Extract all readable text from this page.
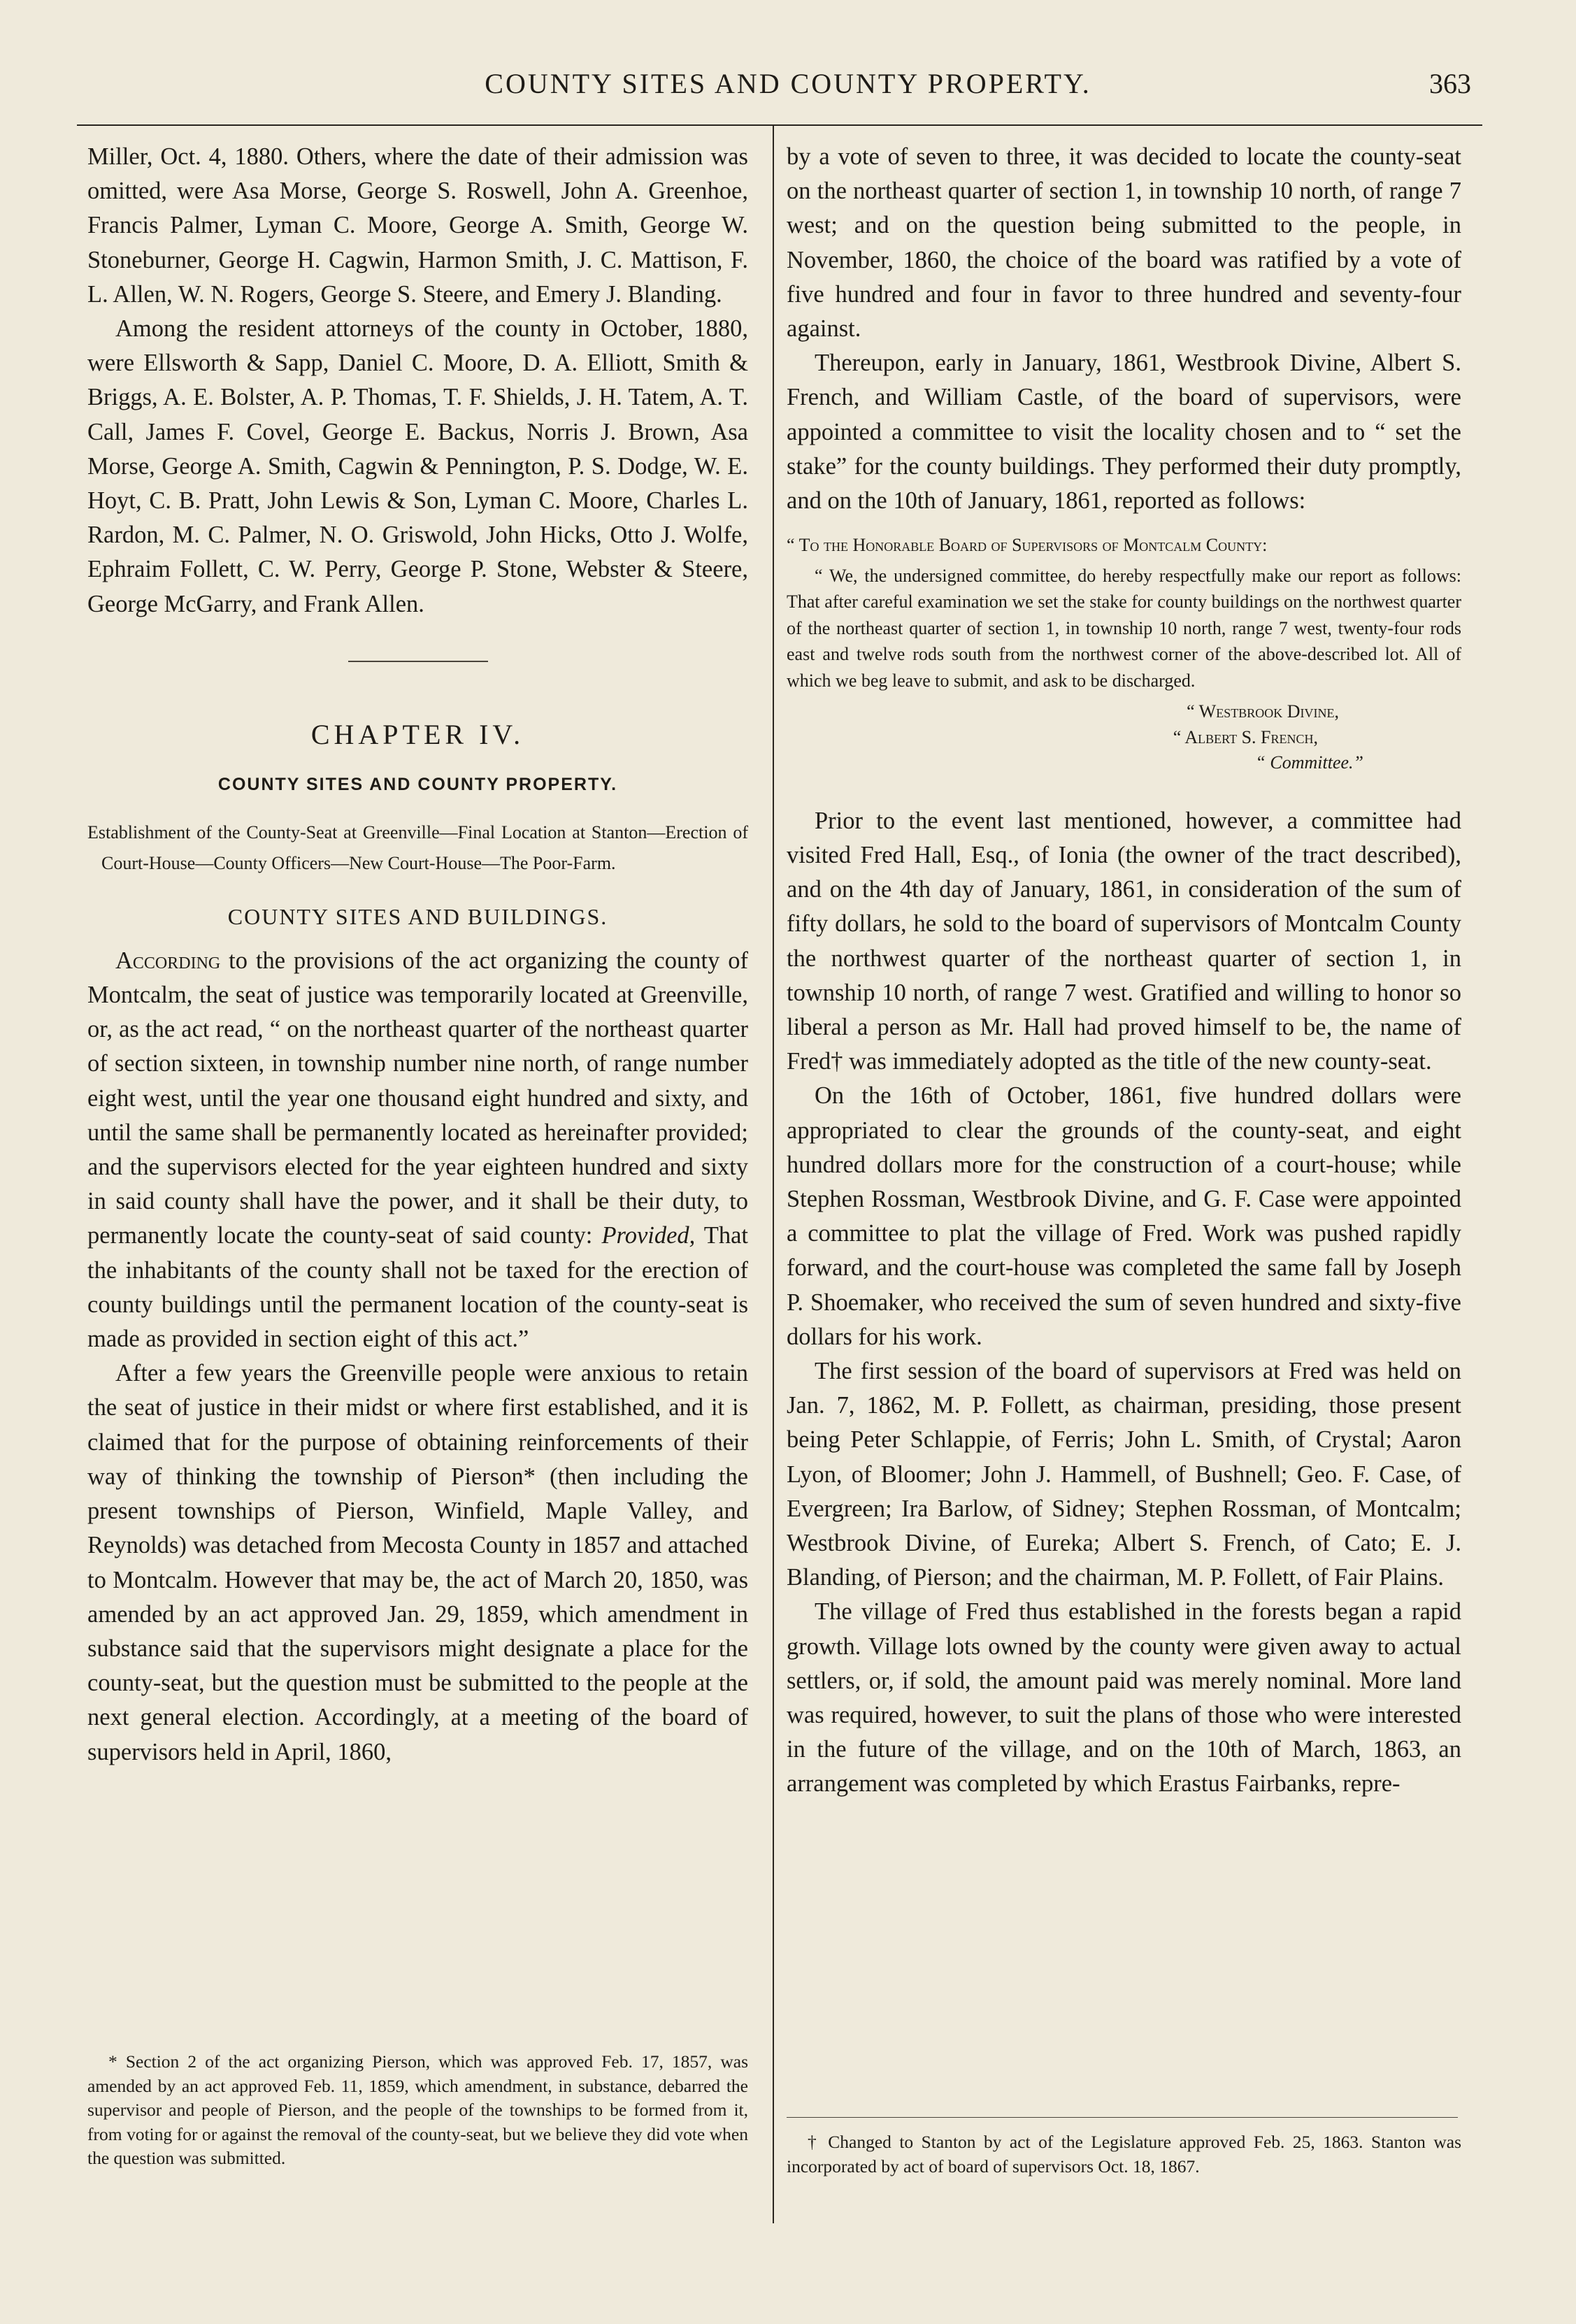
COUNTY SITES AND COUNTY PROPERTY.	363

Miller, Oct. 4, 1880. Others, where the date of their admission was omitted, were Asa Morse, George S. Roswell, John A. Greenhoe, Francis Palmer, Lyman C. Moore, George A. Smith, George W. Stoneburner, George H. Cagwin, Harmon Smith, J. C. Mattison, F. L. Allen, W. N. Rogers, George S. Steere, and Emery J. Blanding.

Among the resident attorneys of the county in October, 1880, were Ellsworth & Sapp, Daniel C. Moore, D. A. Elliott, Smith & Briggs, A. E. Bolster, A. P. Thomas, T. F. Shields, J. H. Tatem, A. T. Call, James F. Covel, George E. Backus, Norris J. Brown, Asa Morse, George A. Smith, Cagwin & Pennington, P. S. Dodge, W. E. Hoyt, C. B. Pratt, John Lewis & Son, Lyman C. Moore, Charles L. Rardon, M. C. Palmer, N. O. Griswold, John Hicks, Otto J. Wolfe, Ephraim Follett, C. W. Perry, George P. Stone, Webster & Steere, George McGarry, and Frank Allen.

CHAPTER IV.
COUNTY SITES AND COUNTY PROPERTY.

Establishment of the County-Seat at Greenville—Final Location at Stanton—Erection of Court-House—County Officers—New Court-House—The Poor-Farm.

COUNTY SITES AND BUILDINGS.

According to the provisions of the act organizing the county of Montcalm, the seat of justice was temporarily located at Greenville, or, as the act read, “ on the northeast quarter of the northeast quarter of section sixteen, in township number nine north, of range number eight west, until the year one thousand eight hundred and sixty, and until the same shall be permanently located as hereinafter provided; and the supervisors elected for the year eighteen hundred and sixty in said county shall have the power, and it shall be their duty, to permanently locate the county-seat of said county: Provided, That the inhabitants of the county shall not be taxed for the erection of county buildings until the permanent location of the county-seat is made as provided in section eight of this act.”

After a few years the Greenville people were anxious to retain the seat of justice in their midst or where first established, and it is claimed that for the purpose of obtaining reinforcements of their way of thinking the township of Pierson* (then including the present townships of Pierson, Winfield, Maple Valley, and Reynolds) was detached from Mecosta County in 1857 and attached to Montcalm. However that may be, the act of March 20, 1850, was amended by an act approved Jan. 29, 1859, which amendment in substance said that the supervisors might designate a place for the county-seat, but the question must be submitted to the people at the next general election. Accordingly, at a meeting of the board of supervisors held in April, 1860,

* Section 2 of the act organizing Pierson, which was approved Feb. 17, 1857, was amended by an act approved Feb. 11, 1859, which amendment, in substance, debarred the supervisor and people of Pierson, and the people of the townships to be formed from it, from voting for or against the removal of the county-seat, but we believe they did vote when the question was submitted.

by a vote of seven to three, it was decided to locate the county-seat on the northeast quarter of section 1, in township 10 north, of range 7 west; and on the question being submitted to the people, in November, 1860, the choice of the board was ratified by a vote of five hundred and four in favor to three hundred and seventy-four against.

Thereupon, early in January, 1861, Westbrook Divine, Albert S. French, and William Castle, of the board of supervisors, were appointed a committee to visit the locality chosen and to “ set the stake” for the county buildings. They performed their duty promptly, and on the 10th of January, 1861, reported as follows:

“ To the Honorable Board of Supervisors of Montcalm County:

“ We, the undersigned committee, do hereby respectfully make our report as follows: That after careful examination we set the stake for county buildings on the northwest quarter of the northeast quarter of section 1, in township 10 north, range 7 west, twenty-four rods east and twelve rods south from the northwest corner of the above-described lot. All of which we beg leave to submit, and ask to be discharged.

“ Westbrook Divine,
“ Albert S. French,
“ Committee.”

Prior to the event last mentioned, however, a committee had visited Fred Hall, Esq., of Ionia (the owner of the tract described), and on the 4th day of January, 1861, in consideration of the sum of fifty dollars, he sold to the board of supervisors of Montcalm County the northwest quarter of the northeast quarter of section 1, in township 10 north, of range 7 west. Gratified and willing to honor so liberal a person as Mr. Hall had proved himself to be, the name of Fred† was immediately adopted as the title of the new county-seat.

On the 16th of October, 1861, five hundred dollars were appropriated to clear the grounds of the county-seat, and eight hundred dollars more for the construction of a court-house; while Stephen Rossman, Westbrook Divine, and G. F. Case were appointed a committee to plat the village of Fred. Work was pushed rapidly forward, and the court-house was completed the same fall by Joseph P. Shoemaker, who received the sum of seven hundred and sixty-five dollars for his work.

The first session of the board of supervisors at Fred was held on Jan. 7, 1862, M. P. Follett, as chairman, presiding, those present being Peter Schlappie, of Ferris; John L. Smith, of Crystal; Aaron Lyon, of Bloomer; John J. Hammell, of Bushnell; Geo. F. Case, of Evergreen; Ira Barlow, of Sidney; Stephen Rossman, of Montcalm; Westbrook Divine, of Eureka; Albert S. French, of Cato; E. J. Blanding, of Pierson; and the chairman, M. P. Follett, of Fair Plains.

The village of Fred thus established in the forests began a rapid growth. Village lots owned by the county were given away to actual settlers, or, if sold, the amount paid was merely nominal. More land was required, however, to suit the plans of those who were interested in the future of the village, and on the 10th of March, 1863, an arrangement was completed by which Erastus Fairbanks, repre-

† Changed to Stanton by act of the Legislature approved Feb. 25, 1863. Stanton was incorporated by act of board of supervisors Oct. 18, 1867.
